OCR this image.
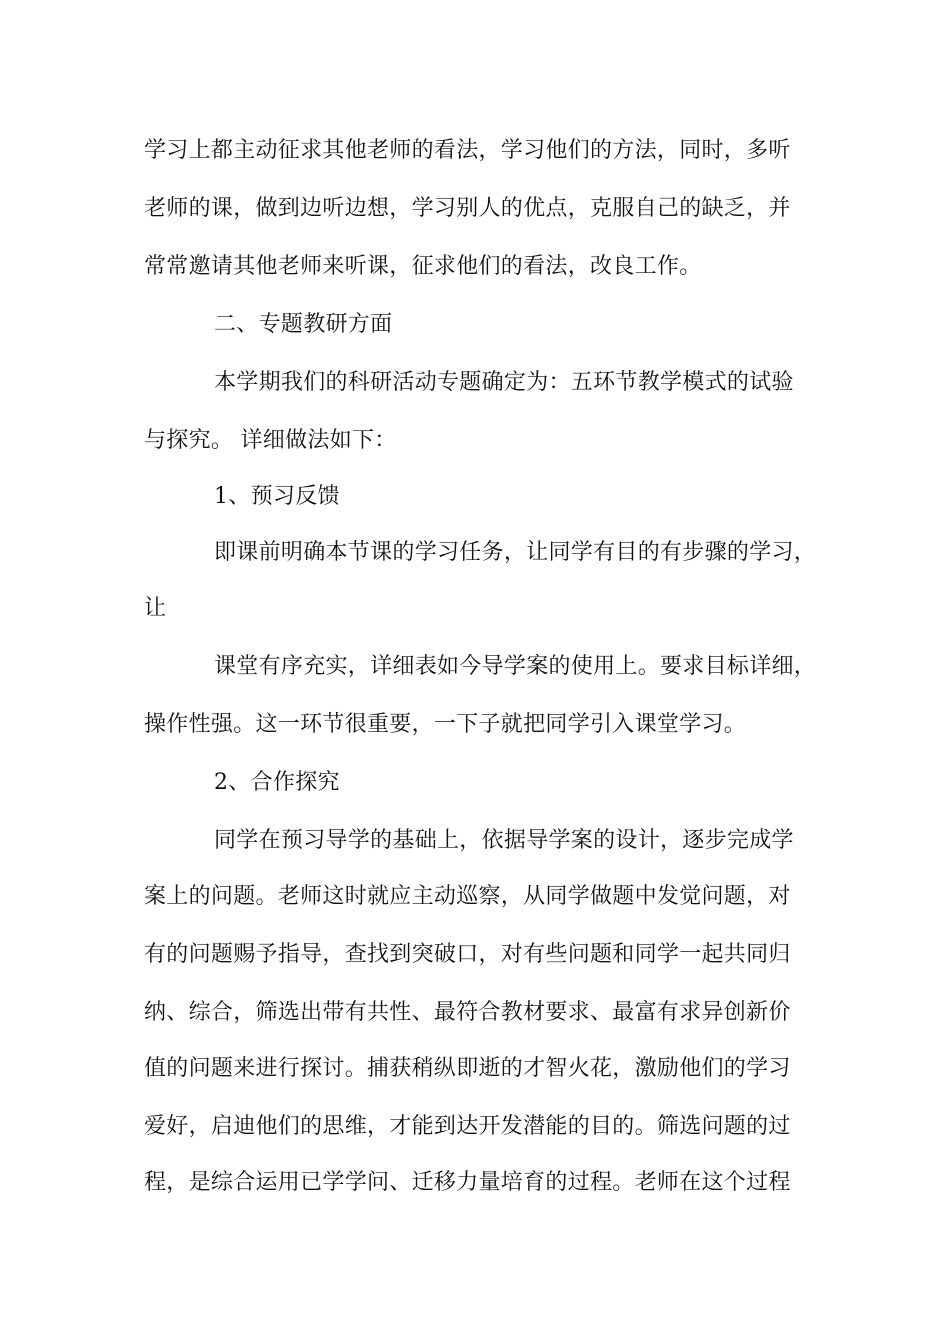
学习上都主动征求其他老师的看法，学习他们的方法，同时，多听
老师的课，做到边听边想，学习别人的优点，克服自己的缺乏，并
常常邀请其他老师来听课，征求他们的看法，改良工作。
二、专题教研方面
本学期我们的科研活动专题确定为：五环节教学模式的试验
与探究。 详细做法如下：
1、预习反馈
即课前明确本节课的学习任务，让同学有目的有步骤的学习，
让
课堂有序充实，详细表如今导学案的使用上。要求目标详细，
操作性强。这一环节很重要，一下子就把同学引入课堂学习。
2、合作探究
同学在预习导学的基础上，依据导学案的设计，逐步完成学
案上的问题。老师这时就应主动巡察，从同学做题中发觉问题，对
有的问题赐予指导，查找到突破口，对有些问题和同学一起共同归
纳、综合，筛选出带有共性、最符合教材要求、最富有求异创新价
值的问题来进行探讨。捕获稍纵即逝的才智火花，激励他们的学习
爱好，启迪他们的思维，才能到达开发潜能的目的。筛选问题的过
程，是综合运用已学学问、迁移力量培育的过程。老师在这个过程
